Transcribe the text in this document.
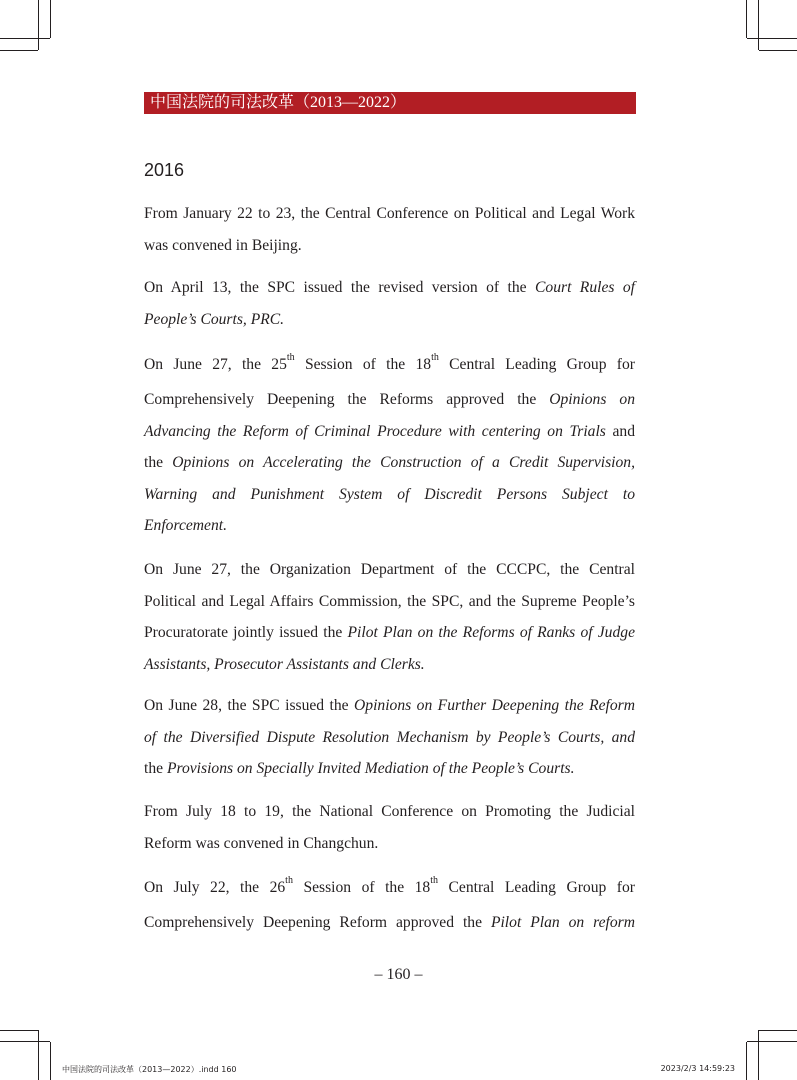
中国法院的司法改革（2013—2022）
2016
From January 22 to 23, the Central Conference on Political and Legal Work
was convened in Beijing.
On April 13, the SPC issued the revised version of the Court Rules of
People’s Courts, PRC.
On June 27, the 25th Session of the 18th Central Leading Group for
Comprehensively Deepening the Reforms approved the Opinions on
Advancing the Reform of Criminal Procedure with centering on Trials and
the Opinions on Accelerating the Construction of a Credit Supervision,
Warning and Punishment System of Discredit Persons Subject to
Enforcement.
On June 27, the Organization Department of the CCCPC, the Central
Political and Legal Affairs Commission, the SPC, and the Supreme People’s
Procuratorate jointly issued the Pilot Plan on the Reforms of Ranks of Judge
Assistants, Prosecutor Assistants and Clerks.
On June 28, the SPC issued the Opinions on Further Deepening the Reform
of the Diversified Dispute Resolution Mechanism by People’s Courts, and
the Provisions on Specially Invited Mediation of the People’s Courts.
From July 18 to 19, the National Conference on Promoting the Judicial
Reform was convened in Changchun.
On July 22, the 26th Session of the 18th Central Leading Group for
Comprehensively Deepening Reform approved the Pilot Plan on reform
– 160 –
中国法院的司法改革（2013—2022）.indd 160	2023/2/3 14:59:23
